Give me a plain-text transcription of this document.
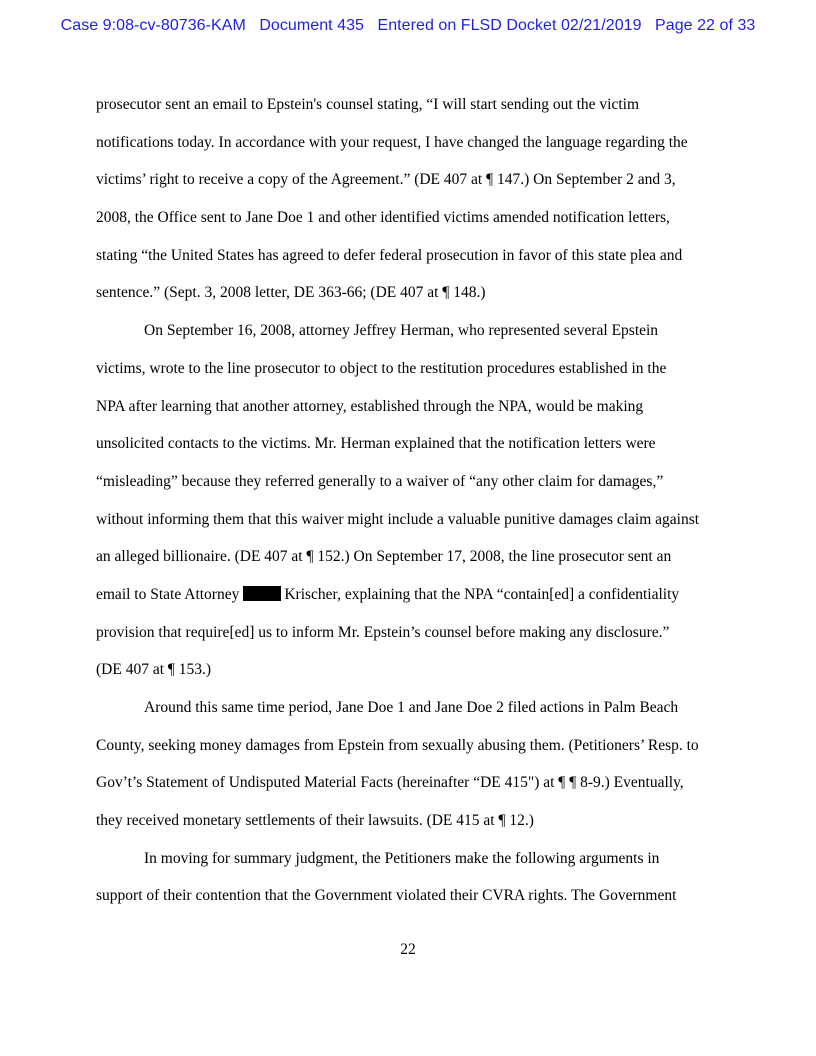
Case 9:08-cv-80736-KAM Document 435 Entered on FLSD Docket 02/21/2019 Page 22 of 33
prosecutor sent an email to Epstein's counsel stating, “I will start sending out the victim
notifications today. In accordance with your request, I have changed the language regarding the
victims’ right to receive a copy of the Agreement.” (DE 407 at ¶ 147.) On September 2 and 3,
2008, the Office sent to Jane Doe 1 and other identified victims amended notification letters,
stating “the United States has agreed to defer federal prosecution in favor of this state plea and
sentence.” (Sept. 3, 2008 letter, DE 363-66; (DE 407 at ¶ 148.)
On September 16, 2008, attorney Jeffrey Herman, who represented several Epstein
victims, wrote to the line prosecutor to object to the restitution procedures established in the
NPA after learning that another attorney, established through the NPA, would be making
unsolicited contacts to the victims. Mr. Herman explained that the notification letters were
“misleading” because they referred generally to a waiver of “any other claim for damages,”
without informing them that this waiver might include a valuable punitive damages claim against
an alleged billionaire. (DE 407 at ¶ 152.) On September 17, 2008, the line prosecutor sent an
email to State Attorney	Krischer, explaining that the NPA “contain[ed] a confidentiality
provision that require[ed] us to inform Mr. Epstein’s counsel before making any disclosure.”
(DE 407 at ¶ 153.)
Around this same time period, Jane Doe 1 and Jane Doe 2 filed actions in Palm Beach
County, seeking money damages from Epstein from sexually abusing them. (Petitioners’ Resp. to
Gov’t’s Statement of Undisputed Material Facts (hereinafter “DE 415") at ¶ ¶ 8-9.) Eventually,
they received monetary settlements of their lawsuits. (DE 415 at ¶ 12.)
In moving for summary judgment, the Petitioners make the following arguments in
support of their contention that the Government violated their CVRA rights. The Government
22
